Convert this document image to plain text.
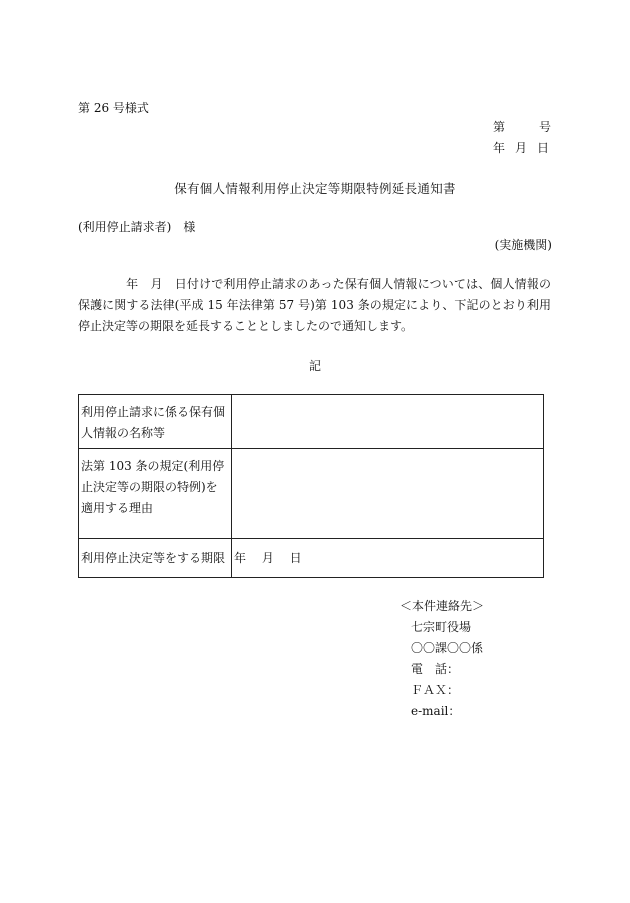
第 26 号様式
第	号
年 月 日
保有個人情報利用停止決定等期限特例延長通知書
(利用停止請求者)　様
(実施機関)
年　月　日付けで利用停止請求のあった保有個人情報については、個人情報の保護に関する法律(平成 15 年法律第 57 号)第 103 条の規定により、下記のとおり利用停止決定等の期限を延長することとしましたので通知します。
記
利用停止請求に係る保有個人情報の名称等	
法第 103 条の規定(利用停止決定等の期限の特例)を適用する理由	
利用停止決定等をする期限	年　 月　 日
＜本件連絡先＞
七宗町役場
〇〇課〇〇係
電　話：
ＦＡＸ：
e-mail：
